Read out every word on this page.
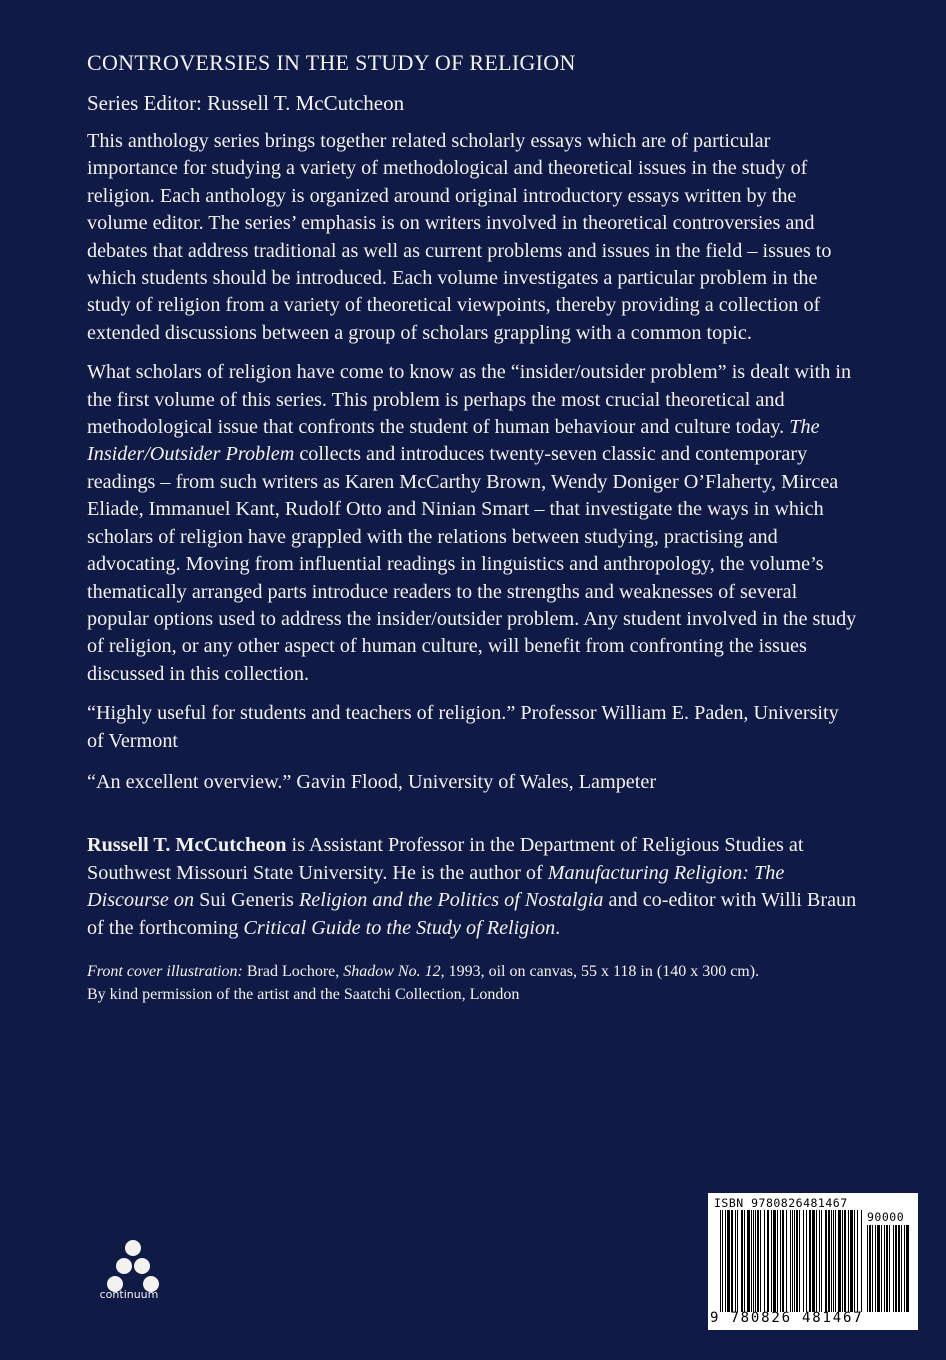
CONTROVERSIES IN THE STUDY OF RELIGION
Series Editor: Russell T. McCutcheon

This anthology series brings together related scholarly essays which are of particular importance for studying a variety of methodological and theoretical issues in the study of religion. Each anthology is organized around original introductory essays written by the volume editor. The series’ emphasis is on writers involved in theoretical controversies and debates that address traditional as well as current problems and issues in the field – issues to which students should be introduced. Each volume investigates a particular problem in the study of religion from a variety of theoretical viewpoints, thereby providing a collection of extended discussions between a group of scholars grappling with a common topic.

What scholars of religion have come to know as the “insider/outsider problem” is dealt with in the first volume of this series. This problem is perhaps the most crucial theoretical and methodological issue that confronts the student of human behaviour and culture today. The Insider/Outsider Problem collects and introduces twenty-seven classic and contemporary readings – from such writers as Karen McCarthy Brown, Wendy Doniger O’Flaherty, Mircea Eliade, Immanuel Kant, Rudolf Otto and Ninian Smart – that investigate the ways in which scholars of religion have grappled with the relations between studying, practising and advocating. Moving from influential readings in linguistics and anthropology, the volume’s thematically arranged parts introduce readers to the strengths and weaknesses of several popular options used to address the insider/outsider problem. Any student involved in the study of religion, or any other aspect of human culture, will benefit from confronting the issues discussed in this collection.

“Highly useful for students and teachers of religion.” Professor William E. Paden, University of Vermont

“An excellent overview.” Gavin Flood, University of Wales, Lampeter

Russell T. McCutcheon is Assistant Professor in the Department of Religious Studies at Southwest Missouri State University. He is the author of Manufacturing Religion: The Discourse on Sui Generis Religion and the Politics of Nostalgia and co-editor with Willi Braun of the forthcoming Critical Guide to the Study of Religion.

Front cover illustration: Brad Lochore, Shadow No. 12, 1993, oil on canvas, 55 x 118 in (140 x 300 cm).
By kind permission of the artist and the Saatchi Collection, London

continuum
ISBN 9780826481467
90000
9 780826 481467
